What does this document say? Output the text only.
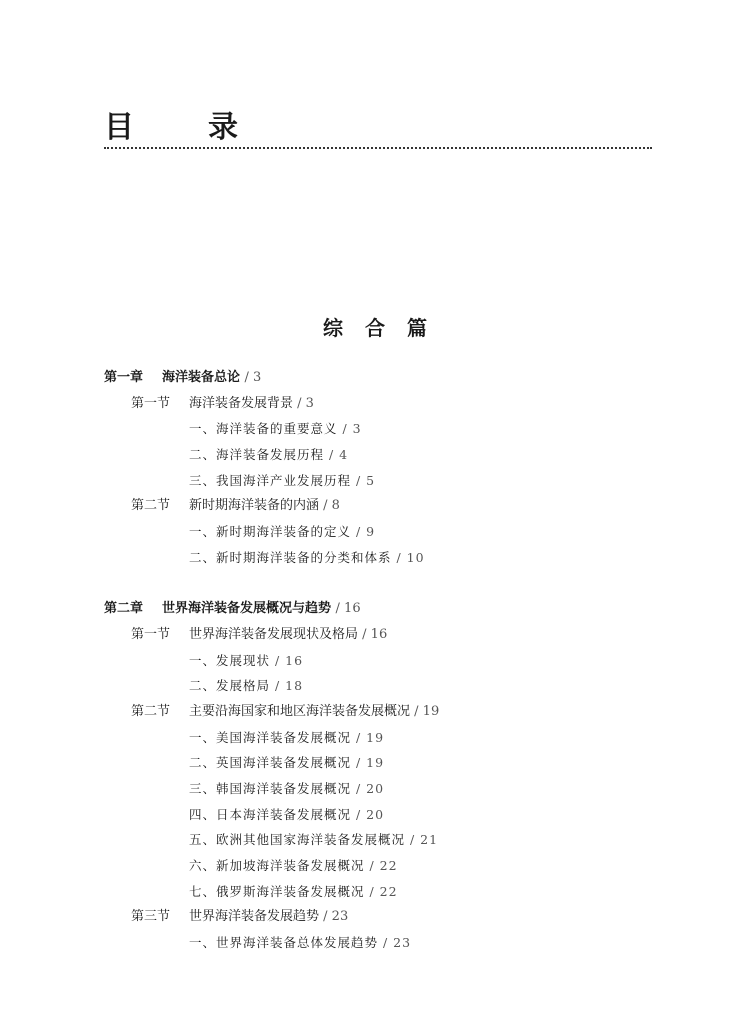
目　录
综合篇
第一章 海洋装备总论 / 3
第一节 海洋装备发展背景 / 3
一、海洋装备的重要意义 / 3
二、海洋装备发展历程 / 4
三、我国海洋产业发展历程 / 5
第二节 新时期海洋装备的内涵 / 8
一、新时期海洋装备的定义 / 9
二、新时期海洋装备的分类和体系 / 10
第二章 世界海洋装备发展概况与趋势 / 16
第一节 世界海洋装备发展现状及格局 / 16
一、发展现状 / 16
二、发展格局 / 18
第二节 主要沿海国家和地区海洋装备发展概况 / 19
一、美国海洋装备发展概况 / 19
二、英国海洋装备发展概况 / 19
三、韩国海洋装备发展概况 / 20
四、日本海洋装备发展概况 / 20
五、欧洲其他国家海洋装备发展概况 / 21
六、新加坡海洋装备发展概况 / 22
七、俄罗斯海洋装备发展概况 / 22
第三节 世界海洋装备发展趋势 / 23
一、世界海洋装备总体发展趋势 / 23
